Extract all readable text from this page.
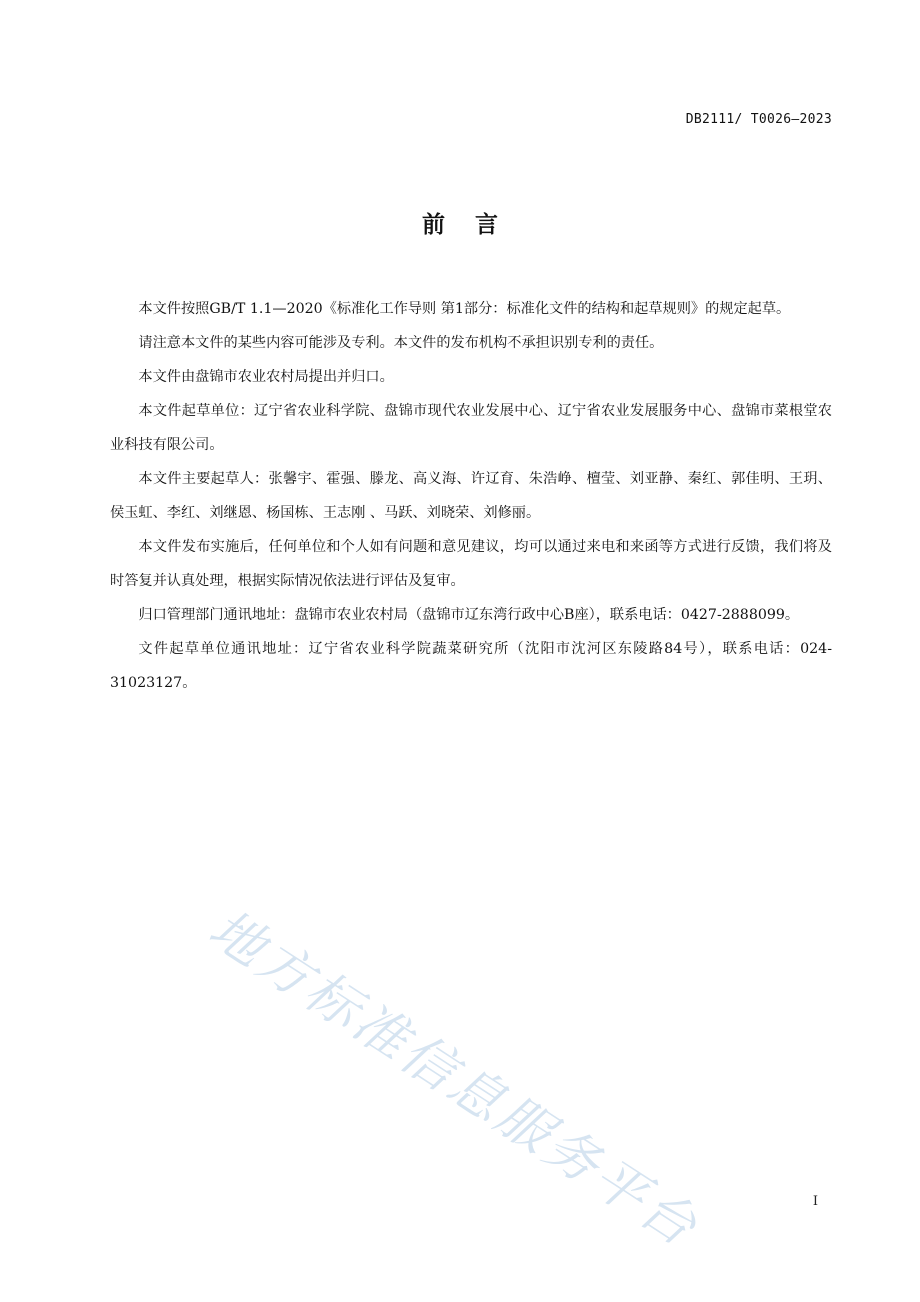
DB2111/ T0026—2023
前 言

本文件按照GB/T 1.1—2020《标准化工作导则 第1部分：标准化文件的结构和起草规则》的规定起草。

请注意本文件的某些内容可能涉及专利。本文件的发布机构不承担识别专利的责任。

本文件由盘锦市农业农村局提出并归口。

本文件起草单位：辽宁省农业科学院、盘锦市现代农业发展中心、辽宁省农业发展服务中心、盘锦市菜根堂农业科技有限公司。

本文件主要起草人：张馨宇、霍强、滕龙、高义海、许辽育、朱浩峥、檀莹、刘亚静、秦红、郭佳明、王玥、侯玉虹、李红、刘继恩、杨国栋、王志刚 、马跃、刘晓荣、刘修丽。

本文件发布实施后，任何单位和个人如有问题和意见建议，均可以通过来电和来函等方式进行反馈，我们将及时答复并认真处理，根据实际情况依法进行评估及复审。

归口管理部门通讯地址：盘锦市农业农村局（盘锦市辽东湾行政中心B座），联系电话：0427-2888099。

文件起草单位通讯地址：辽宁省农业科学院蔬菜研究所（沈阳市沈河区东陵路84号），联系电话：024-31023127。

地方标准信息服务平台	I
